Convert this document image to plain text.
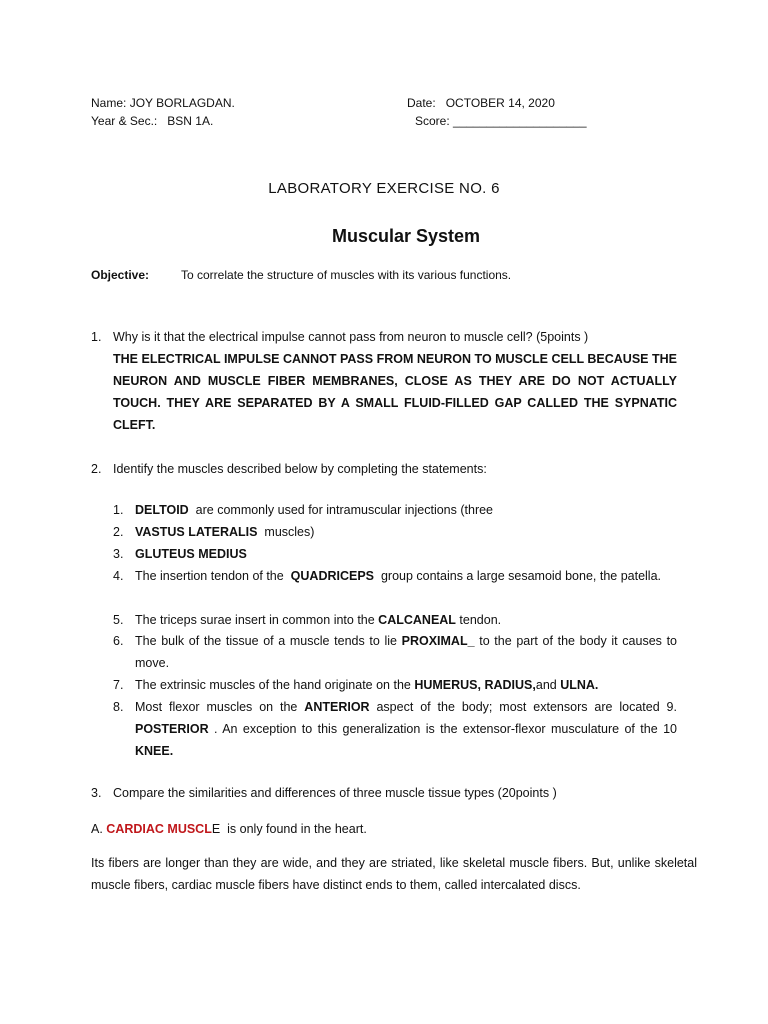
Name: JOY BORLAGDAN.
Year & Sec.: BSN 1A.
Date: OCTOBER 14, 2020
Score: ____________________
LABORATORY EXERCISE NO. 6
Muscular System
Objective:	To correlate the structure of muscles with its various functions.
1. Why is it that the electrical impulse cannot pass from neuron to muscle cell? (5points )
THE ELECTRICAL IMPULSE CANNOT PASS FROM NEURON TO MUSCLE CELL BECAUSE THE NEURON AND MUSCLE FIBER MEMBRANES, CLOSE AS THEY ARE DO NOT ACTUALLY TOUCH. THEY ARE SEPARATED BY A SMALL FLUID-FILLED GAP CALLED THE SYPNATIC CLEFT.
2. Identify the muscles described below by completing the statements:
1. DELTOID  are commonly used for intramuscular injections (three
2. VASTUS LATERALIS  muscles)
3. GLUTEUS MEDIUS
4. The insertion tendon of the  QUADRICEPS  group contains a large sesamoid bone, the patella.
5. The triceps surae insert in common into the CALCANEAL tendon.
6. The bulk of the tissue of a muscle tends to lie PROXIMAL_ to the part of the body it causes to move.
7. The extrinsic muscles of the hand originate on the HUMERUS, RADIUS,and ULNA.
8. Most flexor muscles on the ANTERIOR aspect of the body; most extensors are located 9. POSTERIOR . An exception to this generalization is the extensor-flexor musculature of the 10 KNEE.
3. Compare the similarities and differences of three muscle tissue types (20points )
A. CARDIAC MUSCLE  is only found in the heart.
Its fibers are longer than they are wide, and they are striated, like skeletal muscle fibers. But, unlike skeletal muscle fibers, cardiac muscle fibers have distinct ends to them, called intercalated discs.
